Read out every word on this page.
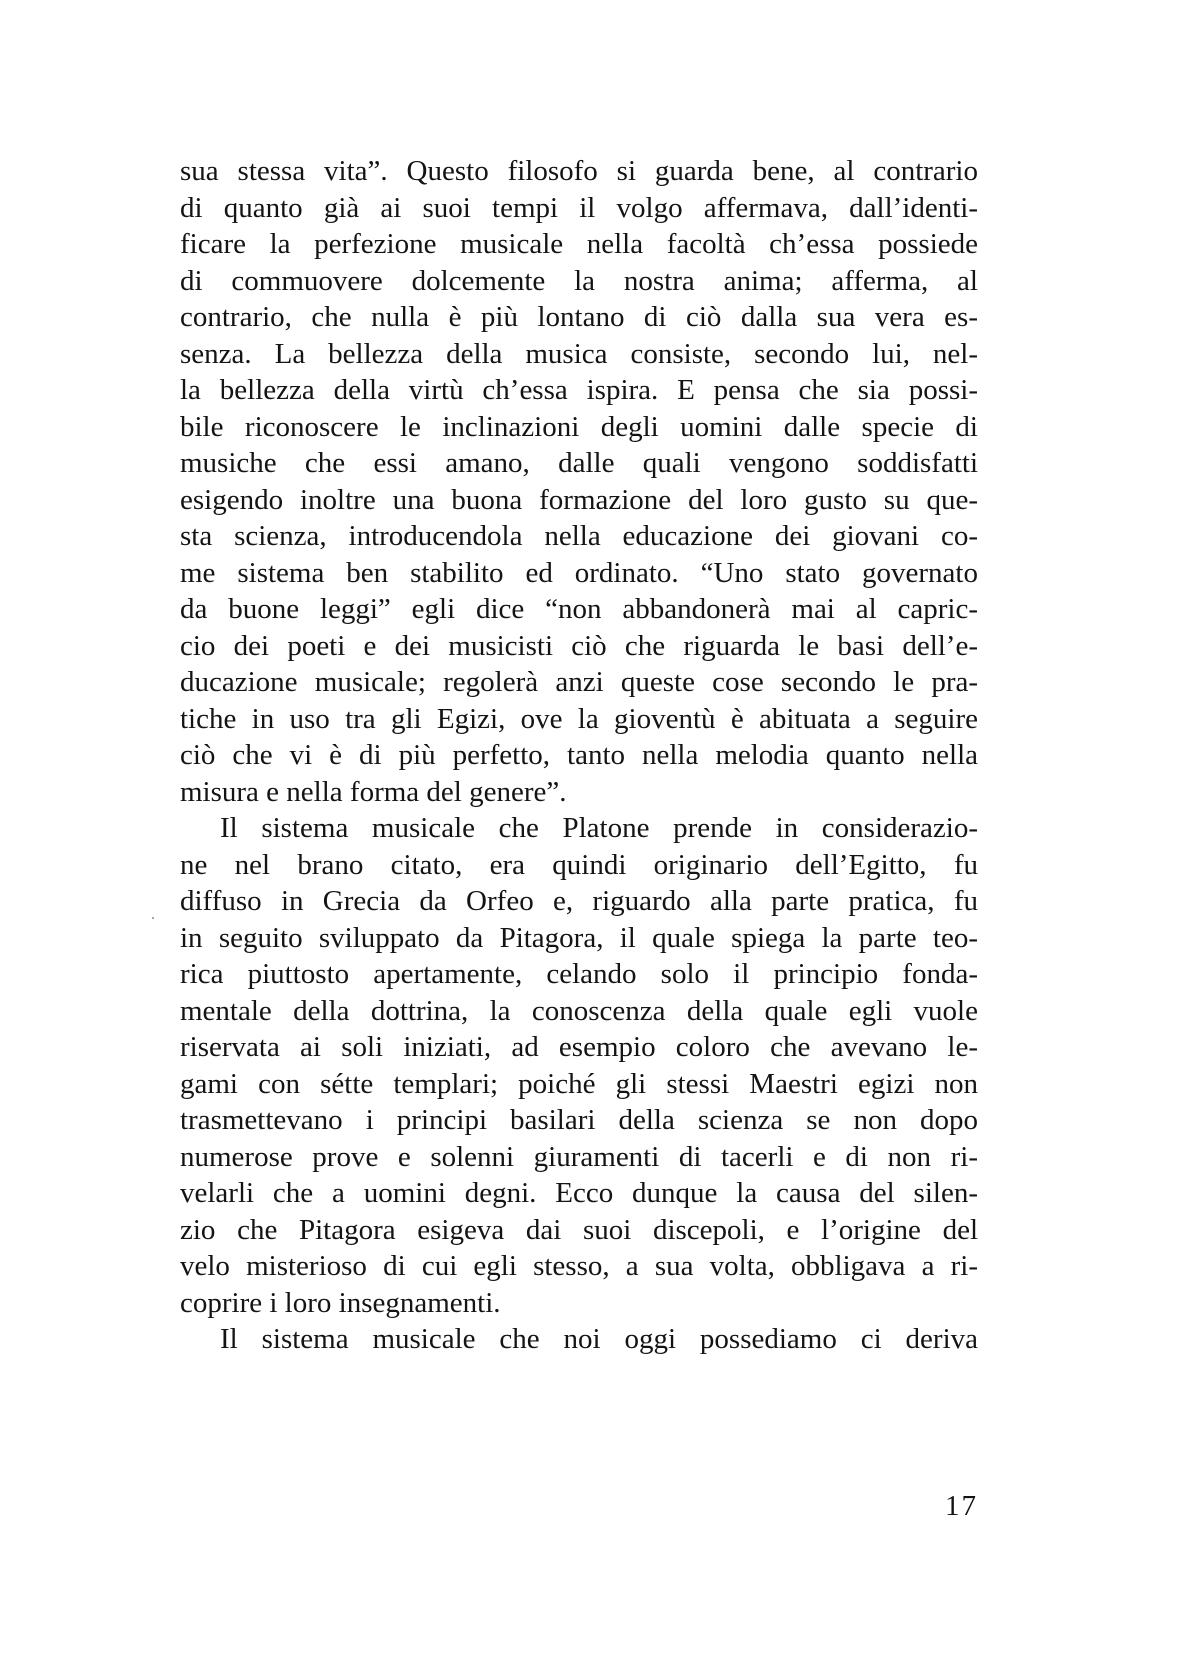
sua stessa vita”. Questo filosofo si guarda bene, al contrario
di quanto già ai suoi tempi il volgo affermava, dall’identi-
ficare la perfezione musicale nella facoltà ch’essa possiede
di commuovere dolcemente la nostra anima; afferma, al
contrario, che nulla è più lontano di ciò dalla sua vera es-
senza. La bellezza della musica consiste, secondo lui, nel-
la bellezza della virtù ch’essa ispira. E pensa che sia possi-
bile riconoscere le inclinazioni degli uomini dalle specie di
musiche che essi amano, dalle quali vengono soddisfatti
esigendo inoltre una buona formazione del loro gusto su que-
sta scienza, introducendola nella educazione dei giovani co-
me sistema ben stabilito ed ordinato. “Uno stato governato
da buone leggi” egli dice “non abbandonerà mai al capric-
cio dei poeti e dei musicisti ciò che riguarda le basi dell’e-
ducazione musicale; regolerà anzi queste cose secondo le pra-
tiche in uso tra gli Egizi, ove la gioventù è abituata a seguire
ciò che vi è di più perfetto, tanto nella melodia quanto nella
misura e nella forma del genere”.
Il sistema musicale che Platone prende in considerazio-
ne nel brano citato, era quindi originario dell’Egitto, fu
diffuso in Grecia da Orfeo e, riguardo alla parte pratica, fu
in seguito sviluppato da Pitagora, il quale spiega la parte teo-
rica piuttosto apertamente, celando solo il principio fonda-
mentale della dottrina, la conoscenza della quale egli vuole
riservata ai soli iniziati, ad esempio coloro che avevano le-
gami con sétte templari; poiché gli stessi Maestri egizi non
trasmettevano i principi basilari della scienza se non dopo
numerose prove e solenni giuramenti di tacerli e di non ri-
velarli che a uomini degni. Ecco dunque la causa del silen-
zio che Pitagora esigeva dai suoi discepoli, e l’origine del
velo misterioso di cui egli stesso, a sua volta, obbligava a ri-
coprire i loro insegnamenti.
Il sistema musicale che noi oggi possediamo ci deriva
17
